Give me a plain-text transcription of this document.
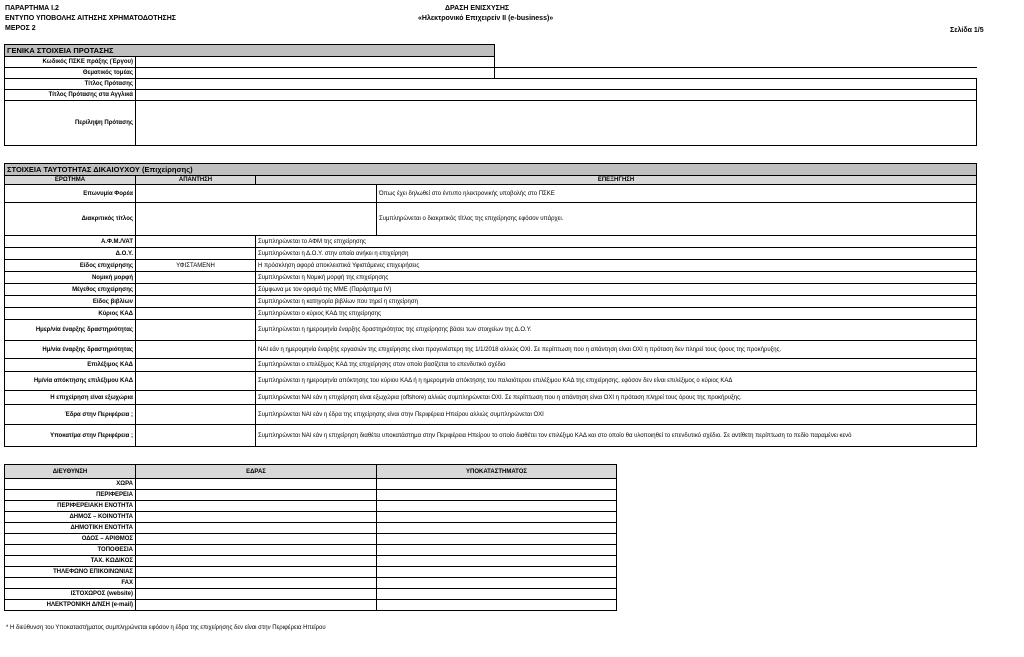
ΠΑΡΑΡΤΗΜΑ Ι.2
ΕΝΤΥΠΟ ΥΠΟΒΟΛΗΣ ΑΙΤΗΣΗΣ ΧΡΗΜΑΤΟΔΟΤΗΣΗΣ
ΜΕΡΟΣ 2
ΔΡΑΣΗ ΕΝΙΣΧΥΣΗΣ
«Ηλεκτρονικό Επιχειρείν ΙΙ (e-business)»
Σελίδα 1/5
ΓΕΝΙΚΑ ΣΤΟΙΧΕΙΑ ΠΡΟΤΑΣΗΣ		
Κωδικός ΠΣΚΕ πράξης (Έργου)		
Θεματικός τομέας		
Τίτλος Πρότασης		
Τίτλος Πρότασης στα Αγγλικά		
Περίληψη Πρότασης		
ΣΤΟΙΧΕΙΑ ΤΑΥΤΟΤΗΤΑΣ ΔΙΚΑΙΟΥΧΟΥ (Επιχείρησης)			
ΕΡΩΤΗΜΑ	ΑΠΑΝΤΗΣΗ	ΕΠΕΞΗΓΗΣΗ	
Επωνυμία Φορέα			Όπως έχει δηλωθεί στο έντυπο ηλεκτρονικής υποβολής στο ΠΣΚΕ
Διακριτικός τίτλος			Συμπληρώνεται ο διακριτικός τίτλος της επιχείρησης εφόσον υπάρχει.
Α.Φ.Μ./VAT		Συμπληρώνεται το ΑΦΜ της επιχείρησης	
Δ.Ο.Υ.		Συμπληρώνεται η Δ.Ο.Υ. στην οποία ανήκει η επιχείρηση	
Είδος επιχείρησης	ΥΦΙΣΤΑΜΕΝΗ	Η πρόσκληση αφορά αποκλειστικά Υφιστάμενες επιχειρήσεις	
Νομική μορφή		Συμπληρώνεται η Νομική μορφή της επιχείρησης	
Μέγεθος επιχείρησης		Σύμφωνα με τον ορισμό της ΜΜΕ (Παράρτημα ΙV)	
Είδος βιβλίων		Συμπληρώνεται η κατηγορία βιβλίων που τηρεί η επιχείρηση	
Κύριος ΚΑΔ		Συμπληρώνεται ο κύριος ΚΑΔ της επιχείρησης	
Ημερ/νία έναρξης δραστηριότητας		Συμπληρώνεται η ημερομηνία έναρξης δραστηριότητας της επιχείρησης βάσει των στοιχείων της Δ.Ο.Υ.	
Ημ/νία έναρξης δραστηριότητας		ΝΑΙ εάν η ημερομηνία έναρξης εργασιών της επιχείρησης είναι προγενέστερη της 1/1/2018 αλλιώς ΟΧΙ. Σε περίπτωση που η απάντηση είναι ΟΧΙ η πρόταση δεν πληρεί τους όρους της προκήρυξης.	
Επιλέξιμος ΚΑΔ		Συμπληρώνεται ο επιλέξιμος ΚΑΔ της επιχείρησης στον οποίο βασίζεται το επενδυτικό σχέδιο	
Ημ/νία απόκτησης επιλέξιμου ΚΑΔ		Συμπληρώνεται η ημερομηνία απόκτησης του κύριου ΚΑΔ ή η ημερομηνία απόκτησης του παλαιότερου επιλέξιμου ΚΑΔ της επιχείρησης, εφόσον δεν είναι επιλέξιμος ο κύριος ΚΑΔ	
Η επιχείρηση είναι εξωχώρια		Συμπληρώνεται ΝΑΙ εάν η επιχείρηση είναι εξωχώρια (offshore) αλλιώς συμπληρώνεται ΟΧΙ. Σε περίπτωση που η απάντηση είναι ΟΧΙ η πρόταση πληρεί τους όρους της προκήρυξης.	
Έδρα στην Περιφέρεια ;		Συμπληρώνεται ΝΑΙ εάν η έδρα της επιχείρησης είναι στην Περιφέρεια Ηπείρου αλλιώς συμπληρώνεται ΟΧΙ	
Υποκατ/μα στην Περιφέρεια ;		Συμπληρώνεται ΝΑΙ εάν η επιχείρηση διαθέτει υποκατάστημα στην Περιφέρεια Ηπείρου το οποίο διαθέτει τον επιλέξιμο ΚΑΔ και στο οποίο θα υλοποιηθεί το επενδυτικό σχέδιο. Σε αντίθετη περίπτωση το πεδίο παραμένει κενό	
ΔΙΕΥΘΥΝΣΗ	ΕΔΡΑΣ	ΥΠΟΚΑΤΑΣΤΗΜΑΤΟΣ
ΧΩΡΑ		
ΠΕΡΙΦΕΡΕΙΑ		
ΠΕΡΙΦΕΡΕΙΑΚΗ ΕΝΟΤΗΤΑ		
ΔΗΜΟΣ – ΚΟΙΝΟΤΗΤΑ		
ΔΗΜΟΤΙΚΗ ΕΝΟΤΗΤΑ		
ΟΔΟΣ – ΑΡΙΘΜΟΣ		
ΤΟΠΟΘΕΣΙΑ		
ΤΑΧ. ΚΩΔΙΚΟΣ		
ΤΗΛΕΦΩΝΟ ΕΠΙΚΟΙΝΩΝΙΑΣ		
FAX		
ΙΣΤΟΧΩΡΟΣ (website)		
ΗΛΕΚΤΡΟΝΙΚΗ Δ/ΝΣΗ (e-mail)		
* Η διεύθυνση του Υποκαταστήματος συμπληρώνεται εφόσον η έδρα της επιχείρησης δεν είναι στην Περιφέρεια Ηπείρου
